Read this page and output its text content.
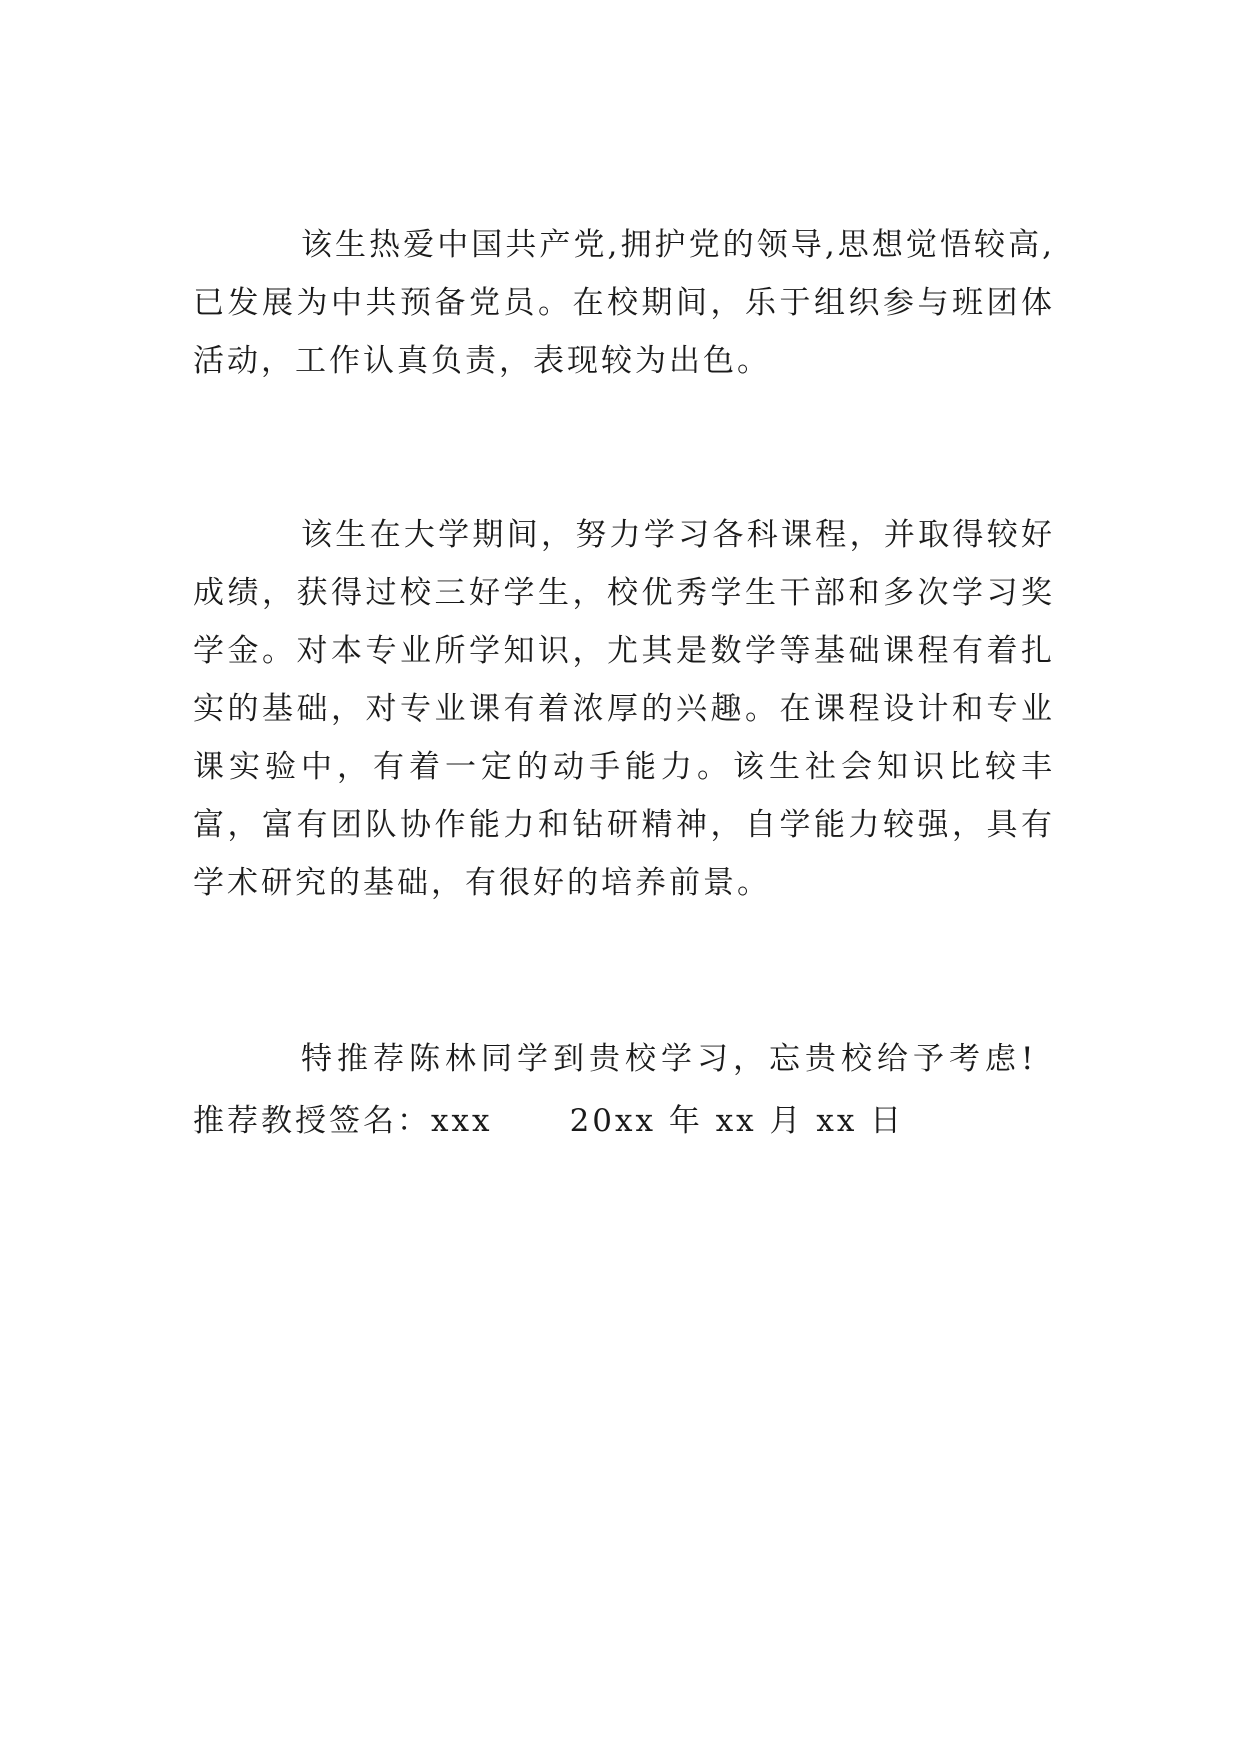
该生热爱中国共产党,拥护党的领导,思想觉悟较高,已发展为中共预备党员。在校期间，乐于组织参与班团体活动，工作认真负责，表现较为出色。

该生在大学期间，努力学习各科课程，并取得较好成绩，获得过校三好学生，校优秀学生干部和多次学习奖学金。对本专业所学知识，尤其是数学等基础课程有着扎实的基础，对专业课有着浓厚的兴趣。在课程设计和专业课实验中，有着一定的动手能力。该生社会知识比较丰富，富有团队协作能力和钻研精神，自学能力较强，具有学术研究的基础，有很好的培养前景。

特推荐陈林同学到贵校学习，忘贵校给予考虑!

推荐教授签名：xxx      20xx 年 xx 月 xx 日
